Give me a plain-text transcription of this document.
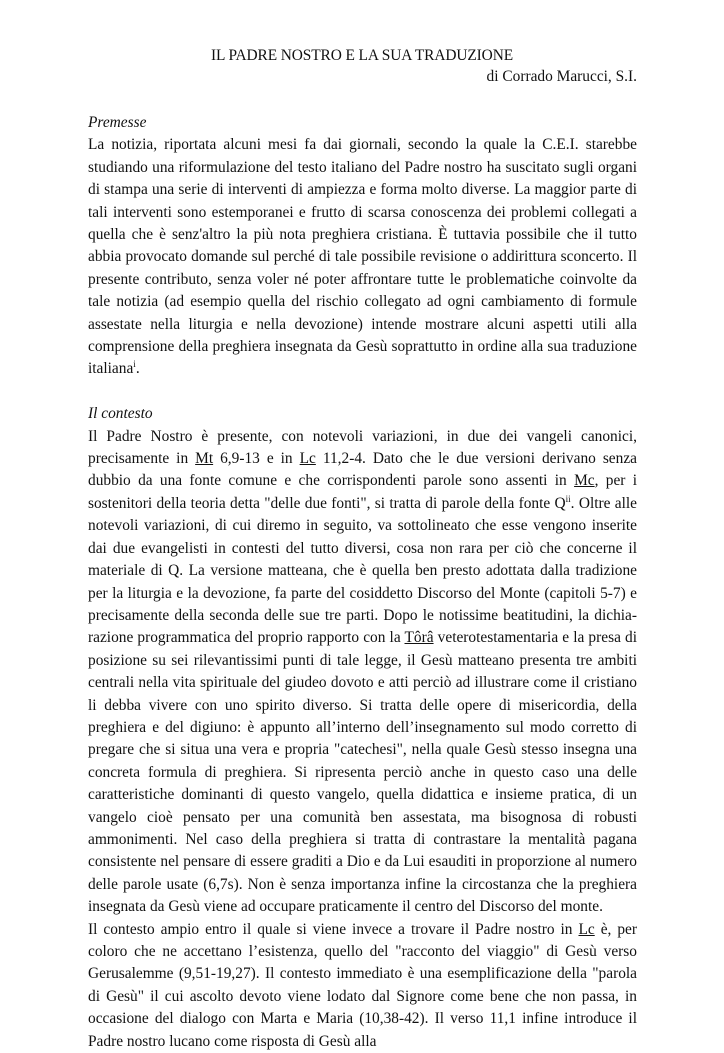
IL PADRE NOSTRO E LA SUA TRADUZIONE
di Corrado Marucci, S.I.
Premesse

La notizia, riportata alcuni mesi fa dai giornali, secondo la quale la C.E.I. starebbe studiando una riformulazione del testo italiano del Padre nostro ha suscitato sugli organi di stampa una serie di interventi di ampiezza e forma molto diverse. La maggior parte di tali interventi sono estemporanei e frutto di scarsa conoscenza dei problemi collegati a quella che è senz'altro la più nota preghiera cristiana. È tuttavia possibile che il tutto abbia provocato domande sul perché di tale possibile revisione o addirittura sconcerto. Il presente contributo, senza voler né poter affrontare tutte le problematiche coinvolte da tale notizia (ad esempio quella del rischio collegato ad ogni cambiamento di formule assestate nella liturgia e nella devozione) intende mostrare alcuni aspetti utili alla comprensione della preghiera insegnata da Gesù soprattutto in ordine alla sua traduzione italiana$^i$.

Il contesto

Il Padre Nostro è presente, con notevoli variazioni, in due dei vangeli canonici, precisamente in Mt 6,9-13 e in Lc 11,2-4. Dato che le due versioni derivano senza dubbio da una fonte comune e che corrispondenti parole sono assenti in Mc, per i sostenitori della teoria detta "delle due fonti", si tratta di parole della fonte $Q^{ii}$. Oltre alle notevoli variazioni, di cui diremo in seguito, va sottolineato che esse vengono inserite dai due evangelisti in contesti del tutto diversi, cosa non rara per ciò che concerne il materiale di Q. La versione matteana, che è quella ben presto adottata dalla tradizione per la liturgia e la devozione, fa parte del cosiddetto Discorso del Monte (capitoli 5-7) e precisamente della seconda delle sue tre parti. Dopo le notissime beatitudini, la dichia-razione programmatica del proprio rapporto con la Tôrâ veterotestamentaria e la presa di posizione su sei rilevantissimi punti di tale legge, il Gesù matteano presenta tre ambiti centrali nella vita spirituale del giudeo dovoto e atti perciò ad illustrare come il cristiano li debba vivere con uno spirito diverso. Si tratta delle opere di misericordia, della preghiera e del digiuno: è appunto all’interno dell’insegnamento sul modo corretto di pregare che si situa una vera e propria "catechesi", nella quale Gesù stesso insegna una concreta formula di preghiera. Si ripresenta perciò anche in questo caso una delle caratteristiche dominanti di questo vangelo, quella didattica e insieme pratica, di un vangelo cioè pensato per una comunità ben assestata, ma bisognosa di robusti ammonimenti. Nel caso della preghiera si tratta di contrastare la mentalità pagana consistente nel pensare di essere graditi a Dio e da Lui esauditi in proporzione al numero delle parole usate (6,7s). Non è senza importanza infine la circostanza che la preghiera insegnata da Gesù viene ad occupare praticamente il centro del Discorso del monte.

Il contesto ampio entro il quale si viene invece a trovare il Padre nostro in Lc è, per coloro che ne accettano l’esistenza, quello del "racconto del viaggio" di Gesù verso Gerusalemme (9,51-19,27). Il contesto immediato è una esemplificazione della "parola di Gesù" il cui ascolto devoto viene lodato dal Signore come bene che non passa, in occasione del dialogo con Marta e Maria (10,38-42). Il verso 11,1 infine introduce il Padre nostro lucano come risposta di Gesù alla
